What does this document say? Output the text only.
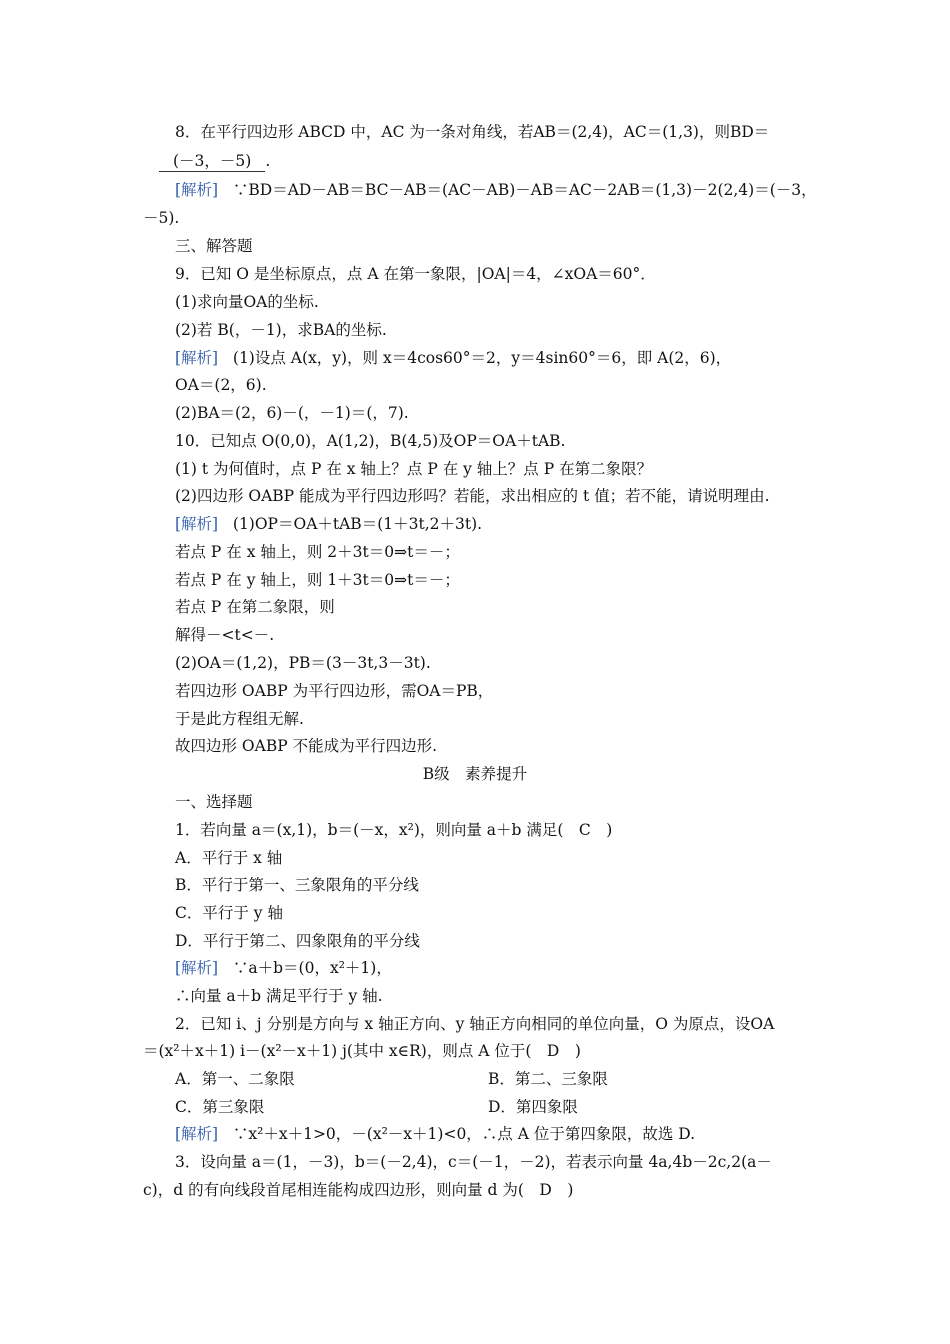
8．在平行四边形 ABCD 中，AC 为一条对角线，若AB＝(2,4)，AC＝(1,3)，则BD＝
(－3，－5) .
[解析] ∵BD＝AD－AB＝BC－AB＝(AC－AB)－AB＝AC－2AB＝(1,3)－2(2,4)＝(－3，
－5).
三、解答题
9．已知 O 是坐标原点，点 A 在第一象限，|OA|＝4，∠xOA＝60°．
(1)求向量OA的坐标.
(2)若 B(，－1)，求BA的坐标.
[解析] (1)设点 A(x，y)，则 x＝4cos60°＝2，y＝4sin60°＝6，即 A(2，6)，
OA＝(2，6).
(2)BA＝(2，6)－(，－1)＝(，7).
10．已知点 O(0,0)，A(1,2)，B(4,5)及OP＝OA＋tAB.
(1) t 为何值时，点 P 在 x 轴上？点 P 在 y 轴上？点 P 在第二象限？
(2)四边形 OABP 能成为平行四边形吗？若能，求出相应的 t 值；若不能，请说明理由.
[解析] (1)OP＝OA＋tAB＝(1＋3t,2＋3t).
若点 P 在 x 轴上，则 2＋3t＝0⇒t＝－；
若点 P 在 y 轴上，则 1＋3t＝0⇒t＝－；
若点 P 在第二象限，则
解得－<t<－.
(2)OA＝(1,2)，PB＝(3－3t,3－3t).
若四边形 OABP 为平行四边形，需OA＝PB，
于是此方程组无解.
故四边形 OABP 不能成为平行四边形.
B级　素养提升
一、选择题
1．若向量 a＝(x,1)，b＝(－x，x²)，则向量 a＋b 满足(　C　)
A．平行于 x 轴
B．平行于第一、三象限角的平分线
C．平行于 y 轴
D．平行于第二、四象限角的平分线
[解析] ∵a＋b＝(0，x²＋1)，
∴向量 a＋b 满足平行于 y 轴.
2．已知 i、j 分别是方向与 x 轴正方向、y 轴正方向相同的单位向量，O 为原点，设OA
＝(x²＋x＋1) i－(x²－x＋1) j(其中 x∈R)，则点 A 位于(　D　)
A．第一、二象限	B．第二、三象限
C．第三象限	D．第四象限
[解析] ∵x²＋x＋1>0，－(x²－x＋1)<0，∴点 A 位于第四象限，故选 D.
3．设向量 a＝(1，－3)，b＝(－2,4)，c＝(－1，－2)，若表示向量 4a,4b－2c,2(a－
c)，d 的有向线段首尾相连能构成四边形，则向量 d 为(　D　)
